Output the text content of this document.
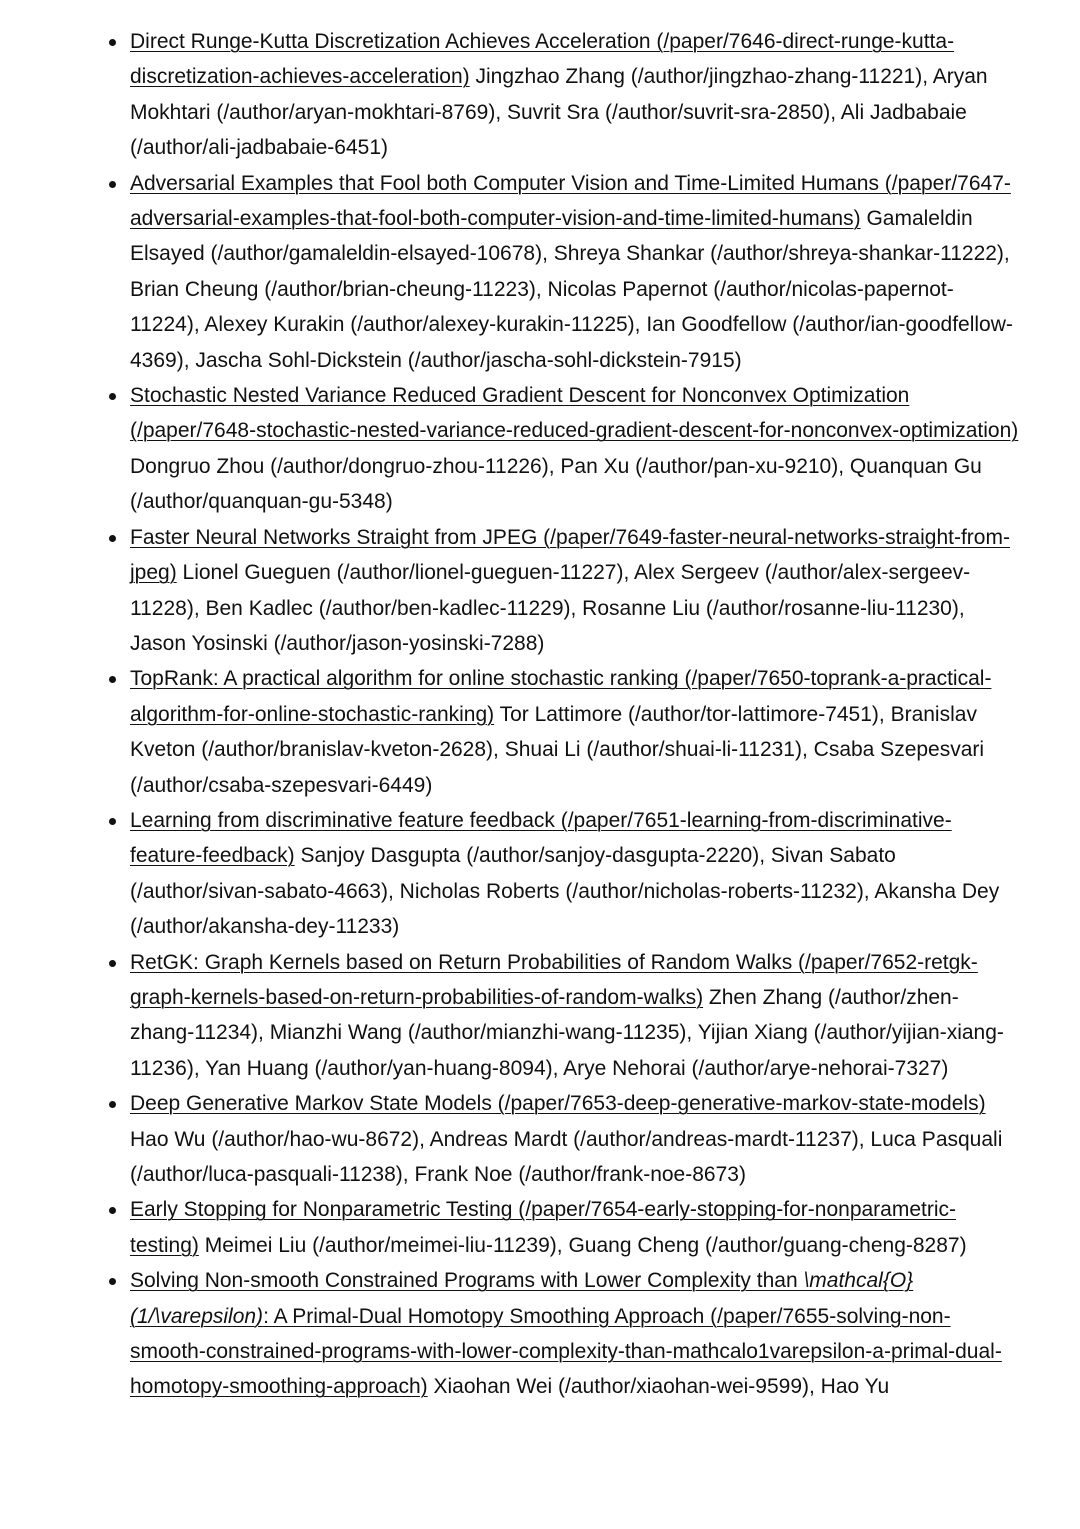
Direct Runge-Kutta Discretization Achieves Acceleration (/paper/7646-direct-runge-kutta-discretization-achieves-acceleration) Jingzhao Zhang (/author/jingzhao-zhang-11221), Aryan Mokhtari (/author/aryan-mokhtari-8769), Suvrit Sra (/author/suvrit-sra-2850), Ali Jadbabaie (/author/ali-jadbabaie-6451)
Adversarial Examples that Fool both Computer Vision and Time-Limited Humans (/paper/7647-adversarial-examples-that-fool-both-computer-vision-and-time-limited-humans) Gamaleldin Elsayed (/author/gamaleldin-elsayed-10678), Shreya Shankar (/author/shreya-shankar-11222), Brian Cheung (/author/brian-cheung-11223), Nicolas Papernot (/author/nicolas-papernot-11224), Alexey Kurakin (/author/alexey-kurakin-11225), Ian Goodfellow (/author/ian-goodfellow-4369), Jascha Sohl-Dickstein (/author/jascha-sohl-dickstein-7915)
Stochastic Nested Variance Reduced Gradient Descent for Nonconvex Optimization (/paper/7648-stochastic-nested-variance-reduced-gradient-descent-for-nonconvex-optimization) Dongruo Zhou (/author/dongruo-zhou-11226), Pan Xu (/author/pan-xu-9210), Quanquan Gu (/author/quanquan-gu-5348)
Faster Neural Networks Straight from JPEG (/paper/7649-faster-neural-networks-straight-from-jpeg) Lionel Gueguen (/author/lionel-gueguen-11227), Alex Sergeev (/author/alex-sergeev-11228), Ben Kadlec (/author/ben-kadlec-11229), Rosanne Liu (/author/rosanne-liu-11230), Jason Yosinski (/author/jason-yosinski-7288)
TopRank: A practical algorithm for online stochastic ranking (/paper/7650-toprank-a-practical-algorithm-for-online-stochastic-ranking) Tor Lattimore (/author/tor-lattimore-7451), Branislav Kveton (/author/branislav-kveton-2628), Shuai Li (/author/shuai-li-11231), Csaba Szepesvari (/author/csaba-szepesvari-6449)
Learning from discriminative feature feedback (/paper/7651-learning-from-discriminative-feature-feedback) Sanjoy Dasgupta (/author/sanjoy-dasgupta-2220), Sivan Sabato (/author/sivan-sabato-4663), Nicholas Roberts (/author/nicholas-roberts-11232), Akansha Dey (/author/akansha-dey-11233)
RetGK: Graph Kernels based on Return Probabilities of Random Walks (/paper/7652-retgk-graph-kernels-based-on-return-probabilities-of-random-walks) Zhen Zhang (/author/zhen-zhang-11234), Mianzhi Wang (/author/mianzhi-wang-11235), Yijian Xiang (/author/yijian-xiang-11236), Yan Huang (/author/yan-huang-8094), Arye Nehorai (/author/arye-nehorai-7327)
Deep Generative Markov State Models (/paper/7653-deep-generative-markov-state-models) Hao Wu (/author/hao-wu-8672), Andreas Mardt (/author/andreas-mardt-11237), Luca Pasquali (/author/luca-pasquali-11238), Frank Noe (/author/frank-noe-8673)
Early Stopping for Nonparametric Testing (/paper/7654-early-stopping-for-nonparametric-testing) Meimei Liu (/author/meimei-liu-11239), Guang Cheng (/author/guang-cheng-8287)
Solving Non-smooth Constrained Programs with Lower Complexity than \mathcal{O}(1/\varepsilon): A Primal-Dual Homotopy Smoothing Approach (/paper/7655-solving-non-smooth-constrained-programs-with-lower-complexity-than-mathcalo1varepsilon-a-primal-dual-homotopy-smoothing-approach) Xiaohan Wei (/author/xiaohan-wei-9599), Hao Yu
